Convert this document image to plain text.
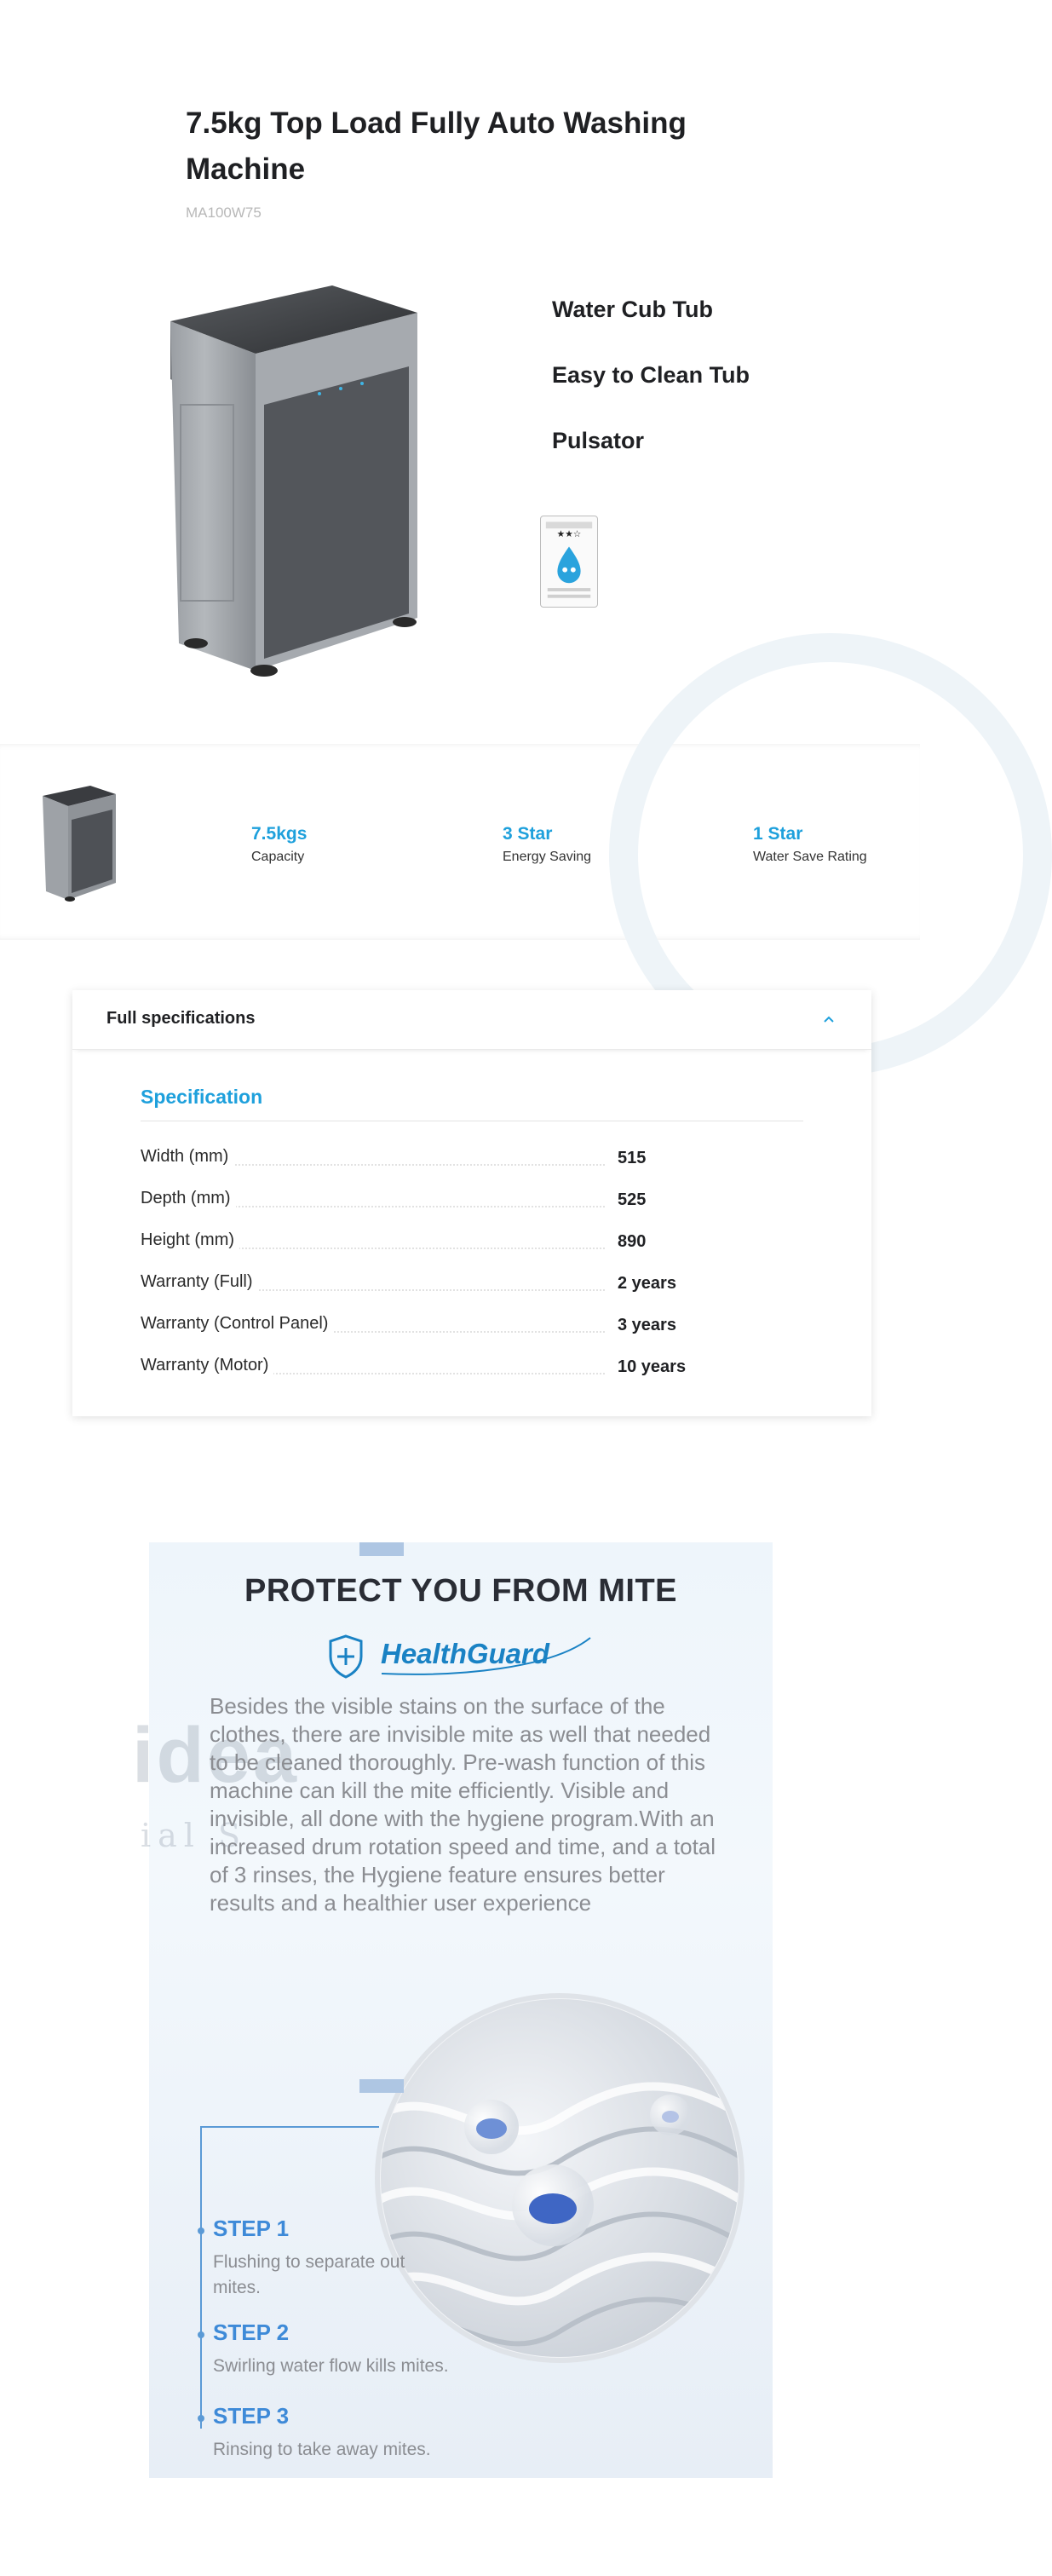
7.5kg Top Load Fully Auto Washing Machine
MA100W75
Water Cub Tub
Easy to Clean Tub
Pulsator
★★☆
7.5kgs
Capacity
3 Star
Energy Saving
1 Star
Water Save Rating
Full specifications
Specification
Width (mm)	515
Depth (mm)	525
Height (mm)	890
Warranty (Full)	2 years
Warranty (Control Panel)	3 years
Warranty (Motor)	10 years
PROTECT YOU FROM MITE
HealthGuard
idea
ial S

Besides the visible stains on the surface of the clothes, there are invisible mite as well that needed to be cleaned thoroughly. Pre-wash function of this machine can kill the mite efficiently. Visible and invisible, all done with the hygiene program.With an increased drum rotation speed and time, and a total of 3 rinses, the Hygiene feature ensures better results and a healthier user experience

STEP 1
Flushing to separate out mites.
STEP 2
Swirling water flow kills mites.
STEP 3
Rinsing to take away mites.
